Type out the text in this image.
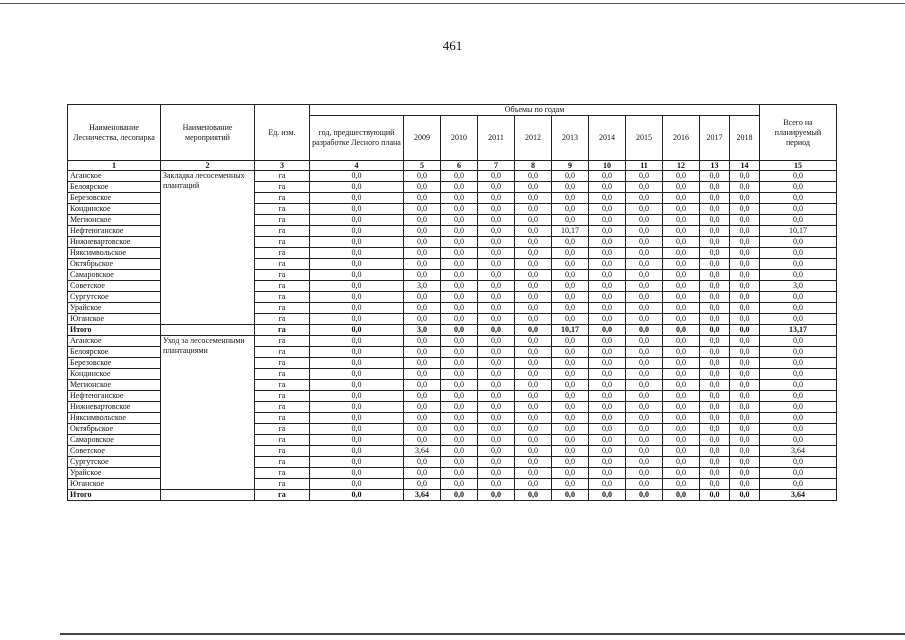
461
Наименование Лесничества, лесопарка	Наименование мероприятий	Ед. изм.	Объемы по годам											Всего на планируемый период
			год, предшествующий разработке Лесного плана	2009	2010	2011	2012	2013	2014	2015	2016	2017	2018	
1	2	3	4	5	6	7	8	9	10	11	12	13	14	15
Аганское	Закладка лесосеменных плантаций	га	0,0	0,0	0,0	0,0	0,0	0,0	0,0	0,0	0,0	0,0	0,0	0,0
Белоярское		га	0,0	0,0	0,0	0,0	0,0	0,0	0,0	0,0	0,0	0,0	0,0	0,0
Березовское		га	0,0	0,0	0,0	0,0	0,0	0,0	0,0	0,0	0,0	0,0	0,0	0,0
Кондинское		га	0,0	0,0	0,0	0,0	0,0	0,0	0,0	0,0	0,0	0,0	0,0	0,0
Мегионское		га	0,0	0,0	0,0	0,0	0,0	0,0	0,0	0,0	0,0	0,0	0,0	0,0
Нефтеюганское		га	0,0	0,0	0,0	0,0	0,0	10,17	0,0	0,0	0,0	0,0	0,0	10,17
Нижневартовское		га	0,0	0,0	0,0	0,0	0,0	0,0	0,0	0,0	0,0	0,0	0,0	0,0
Няксимвольское		га	0,0	0,0	0,0	0,0	0,0	0,0	0,0	0,0	0,0	0,0	0,0	0,0
Октябрьское		га	0,0	0,0	0,0	0,0	0,0	0,0	0,0	0,0	0,0	0,0	0,0	0,0
Самаровское		га	0,0	0,0	0,0	0,0	0,0	0,0	0,0	0,0	0,0	0,0	0,0	0,0
Советское		га	0,0	3,0	0,0	0,0	0,0	0,0	0,0	0,0	0,0	0,0	0,0	3,0
Сургутское		га	0,0	0,0	0,0	0,0	0,0	0,0	0,0	0,0	0,0	0,0	0,0	0,0
Урайское		га	0,0	0,0	0,0	0,0	0,0	0,0	0,0	0,0	0,0	0,0	0,0	0,0
Юганское		га	0,0	0,0	0,0	0,0	0,0	0,0	0,0	0,0	0,0	0,0	0,0	0,0
Итого		га	0,0	3,0	0,0	0,0	0,0	10,17	0,0	0,0	0,0	0,0	0,0	13,17
Аганское	Уход за лесосеменными плантациями	га	0,0	0,0	0,0	0,0	0,0	0,0	0,0	0,0	0,0	0,0	0,0	0,0
Белоярское		га	0,0	0,0	0,0	0,0	0,0	0,0	0,0	0,0	0,0	0,0	0,0	0,0
Березовское		га	0,0	0,0	0,0	0,0	0,0	0,0	0,0	0,0	0,0	0,0	0,0	0,0
Кондинское		га	0,0	0,0	0,0	0,0	0,0	0,0	0,0	0,0	0,0	0,0	0,0	0,0
Мегионское		га	0,0	0,0	0,0	0,0	0,0	0,0	0,0	0,0	0,0	0,0	0,0	0,0
Нефтеюганское		га	0,0	0,0	0,0	0,0	0,0	0,0	0,0	0,0	0,0	0,0	0,0	0,0
Нижневартовское		га	0,0	0,0	0,0	0,0	0,0	0,0	0,0	0,0	0,0	0,0	0,0	0,0
Няксимвольское		га	0,0	0,0	0,0	0,0	0,0	0,0	0,0	0,0	0,0	0,0	0,0	0,0
Октябрьское		га	0,0	0,0	0,0	0,0	0,0	0,0	0,0	0,0	0,0	0,0	0,0	0,0
Самаровское		га	0,0	0,0	0,0	0,0	0,0	0,0	0,0	0,0	0,0	0,0	0,0	0,0
Советское		га	0,0	3,64	0,0	0,0	0,0	0,0	0,0	0,0	0,0	0,0	0,0	3,64
Сургутское		га	0,0	0,0	0,0	0,0	0,0	0,0	0,0	0,0	0,0	0,0	0,0	0,0
Урайское		га	0,0	0,0	0,0	0,0	0,0	0,0	0,0	0,0	0,0	0,0	0,0	0,0
Юганское		га	0,0	0,0	0,0	0,0	0,0	0,0	0,0	0,0	0,0	0,0	0,0	0,0
Итого		га	0,0	3,64	0,0	0,0	0,0	0,0	0,0	0,0	0,0	0,0	0,0	3,64
